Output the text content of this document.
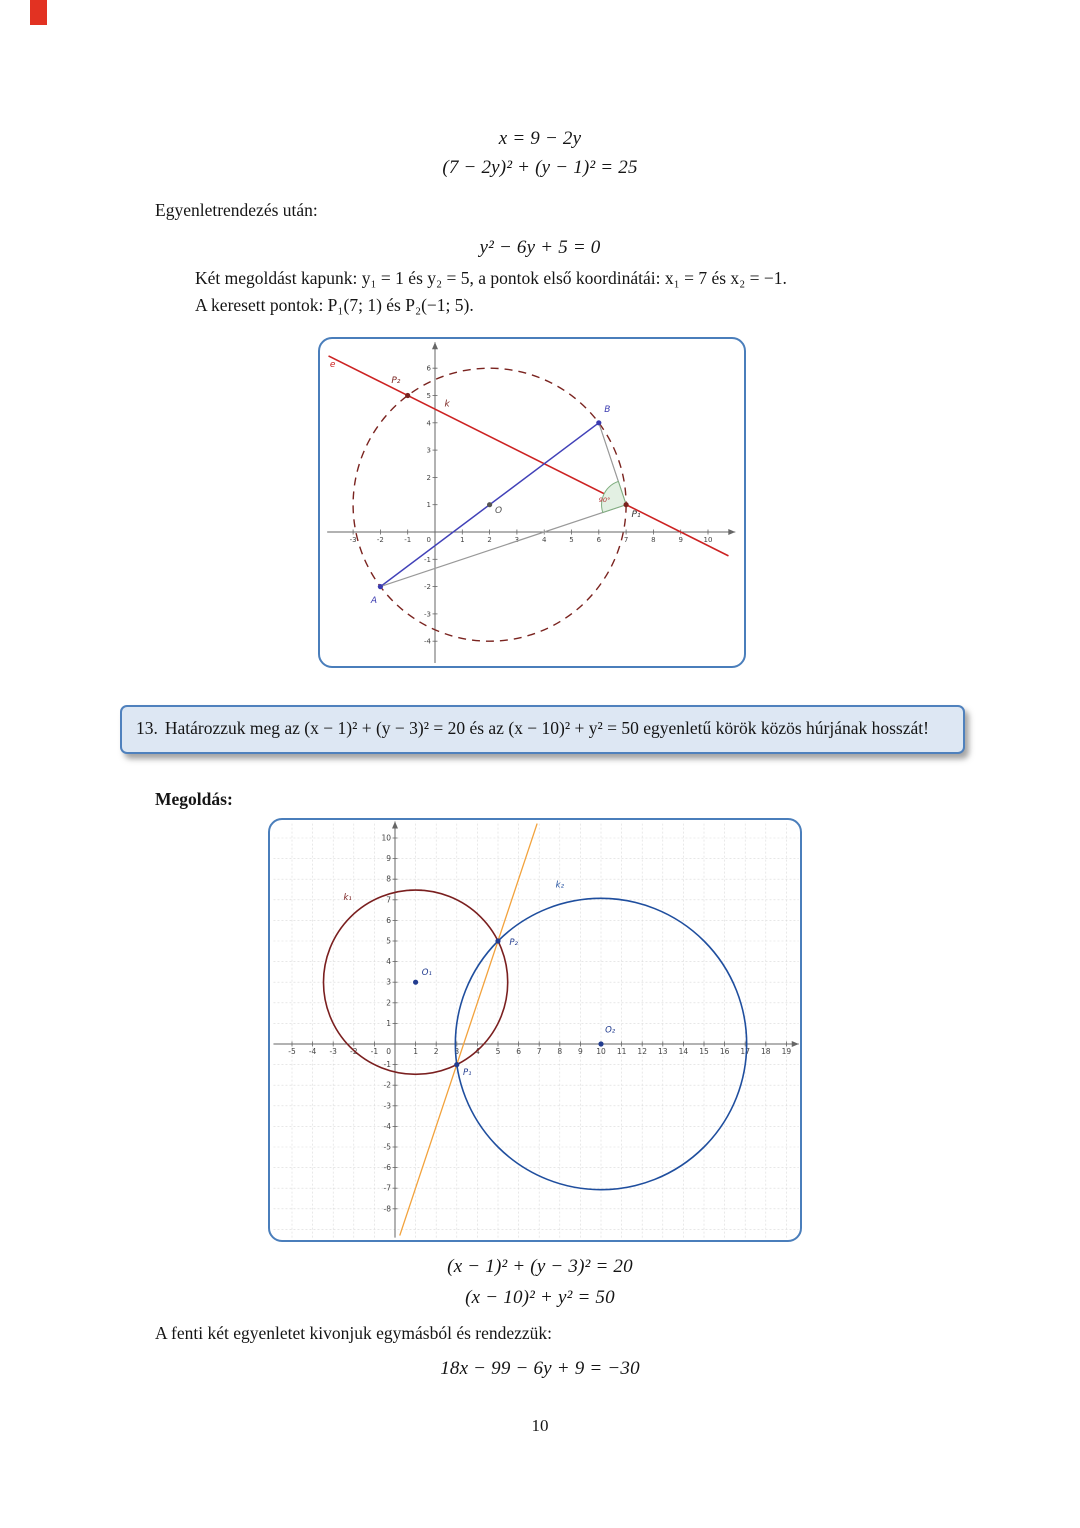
x = 9 − 2y
(7 − 2y)² + (y − 1)² = 25
Egyenletrendezés után:
y² − 6y + 5 = 0
Két megoldást kapunk: y₁ = 1 és y₂ = 5, a pontok első koordinátái: x₁ = 7 és x₂ = −1.
A keresett pontok: P₁(7; 1) és P₂(−1; 5).
-3	-2	-1	1	2	3	4	5	6	7	8	9	10
-4
-3
-2
-1
1
2
3
4
5
6
0
k
e
90°
A
B
O	P₁
P₂
13. Határozzuk meg az (x − 1)² + (y − 3)² = 20 és az (x − 10)² + y² = 50 egyenletű körök közös húrjának hosszát!
Megoldás:
-5 -4 -3 -2 -1	1 2 3 4 5 6 7 8 9 10 11 12 13 14 15 16 17 18 19
-8
-7
-6
-5
-4
-3
-2
-1
1
2
3
4
5
6
7
8
9
10
0
k₁
k₂
O₁
O₂
P₁
P₂
(x − 1)² + (y − 3)² = 20
(x − 10)² + y² = 50
A fenti két egyenletet kivonjuk egymásból és rendezzük:
18x − 99 − 6y + 9 = −30
10
